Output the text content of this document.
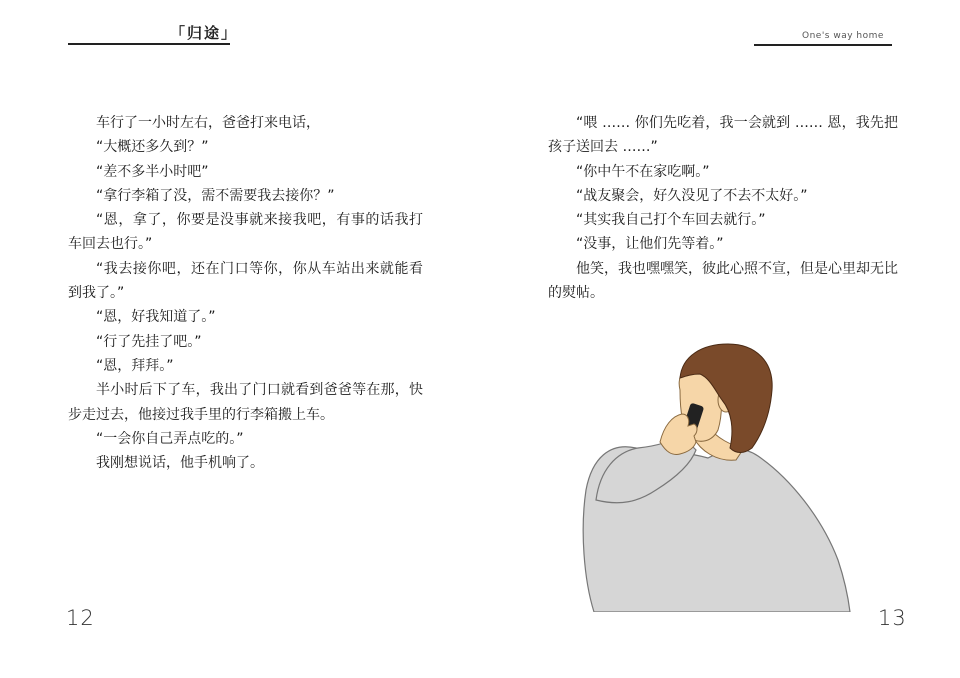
「归途」

车行了一小时左右，爸爸打来电话，

“大概还多久到？”

“差不多半小时吧”

“拿行李箱了没，需不需要我去接你？”

“恩，拿了，你要是没事就来接我吧，有事的话我打车回去也行。”

“我去接你吧，还在门口等你，你从车站出来就能看到我了。”

“恩，好我知道了。”

“行了先挂了吧。”

“恩，拜拜。”

半小时后下了车，我出了门口就看到爸爸等在那，快步走过去，他接过我手里的行李箱搬上车。

“一会你自己弄点吃的。”

我刚想说话，他手机响了。

12
One's way home

“喂 …… 你们先吃着，我一会就到 …… 恩，我先把孩子送回去 ……”

“你中午不在家吃啊。”

“战友聚会，好久没见了不去不太好。”

“其实我自己打个车回去就行。”

“没事，让他们先等着。”

他笑，我也嘿嘿笑，彼此心照不宣，但是心里却无比的熨帖。

13
